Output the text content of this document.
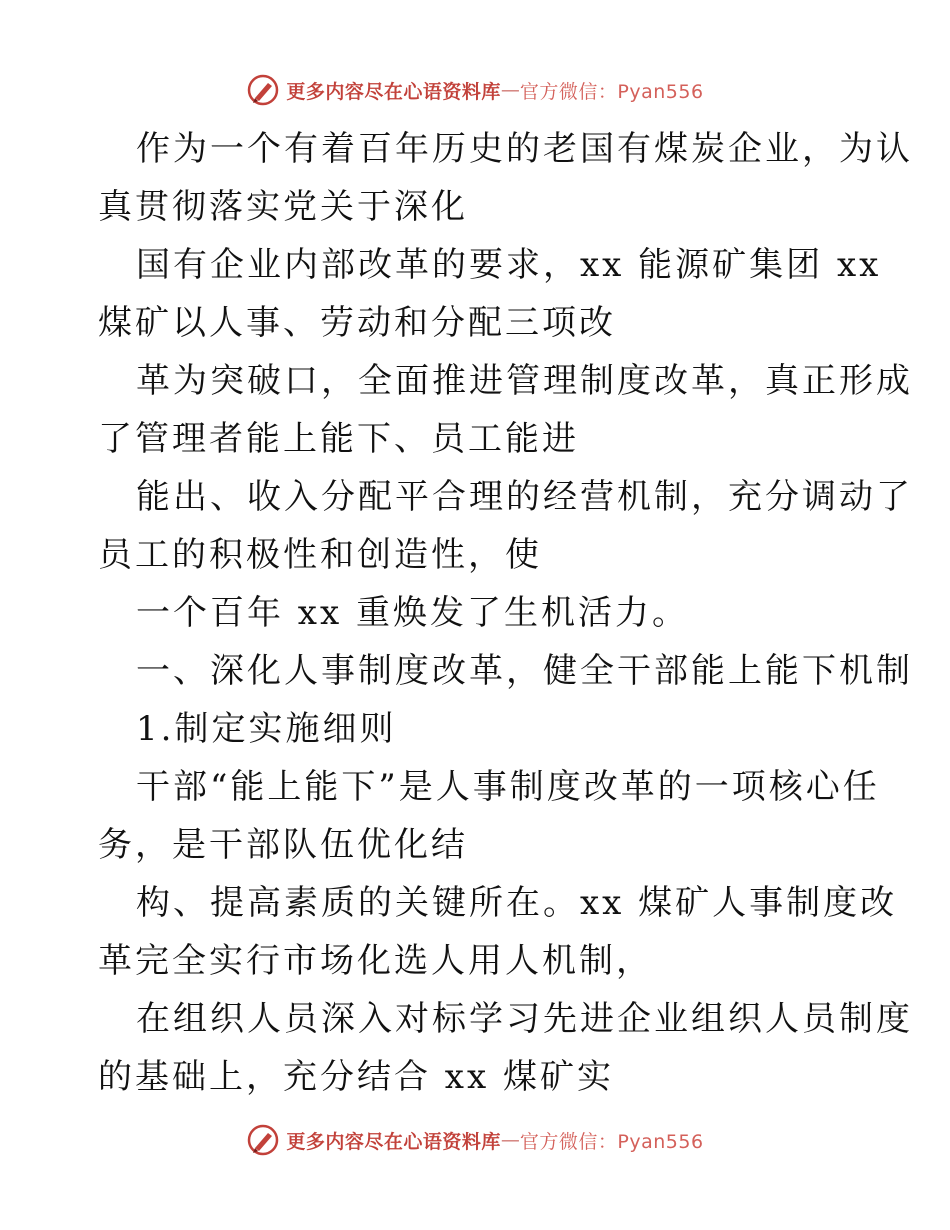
更多内容尽在心语资料库 — 官方微信：Pyan556

作为一个有着百年历史的老国有煤炭企业，为认

真贯彻落实党关于深化

国有企业内部改革的要求，xx 能源矿集团 xx

煤矿以人事、劳动和分配三项改

革为突破口，全面推进管理制度改革，真正形成

了管理者能上能下、员工能进

能出、收入分配平合理的经营机制，充分调动了

员工的积极性和创造性，使

一个百年 xx 重焕发了生机活力。

一、深化人事制度改革，健全干部能上能下机制

1.制定实施细则

干部“能上能下”是人事制度改革的一项核心任

务，是干部队伍优化结

构、提高素质的关键所在。xx 煤矿人事制度改

革完全实行市场化选人用人机制，

在组织人员深入对标学习先进企业组织人员制度

的基础上，充分结合 xx 煤矿实

更多内容尽在心语资料库 — 官方微信：Pyan556
